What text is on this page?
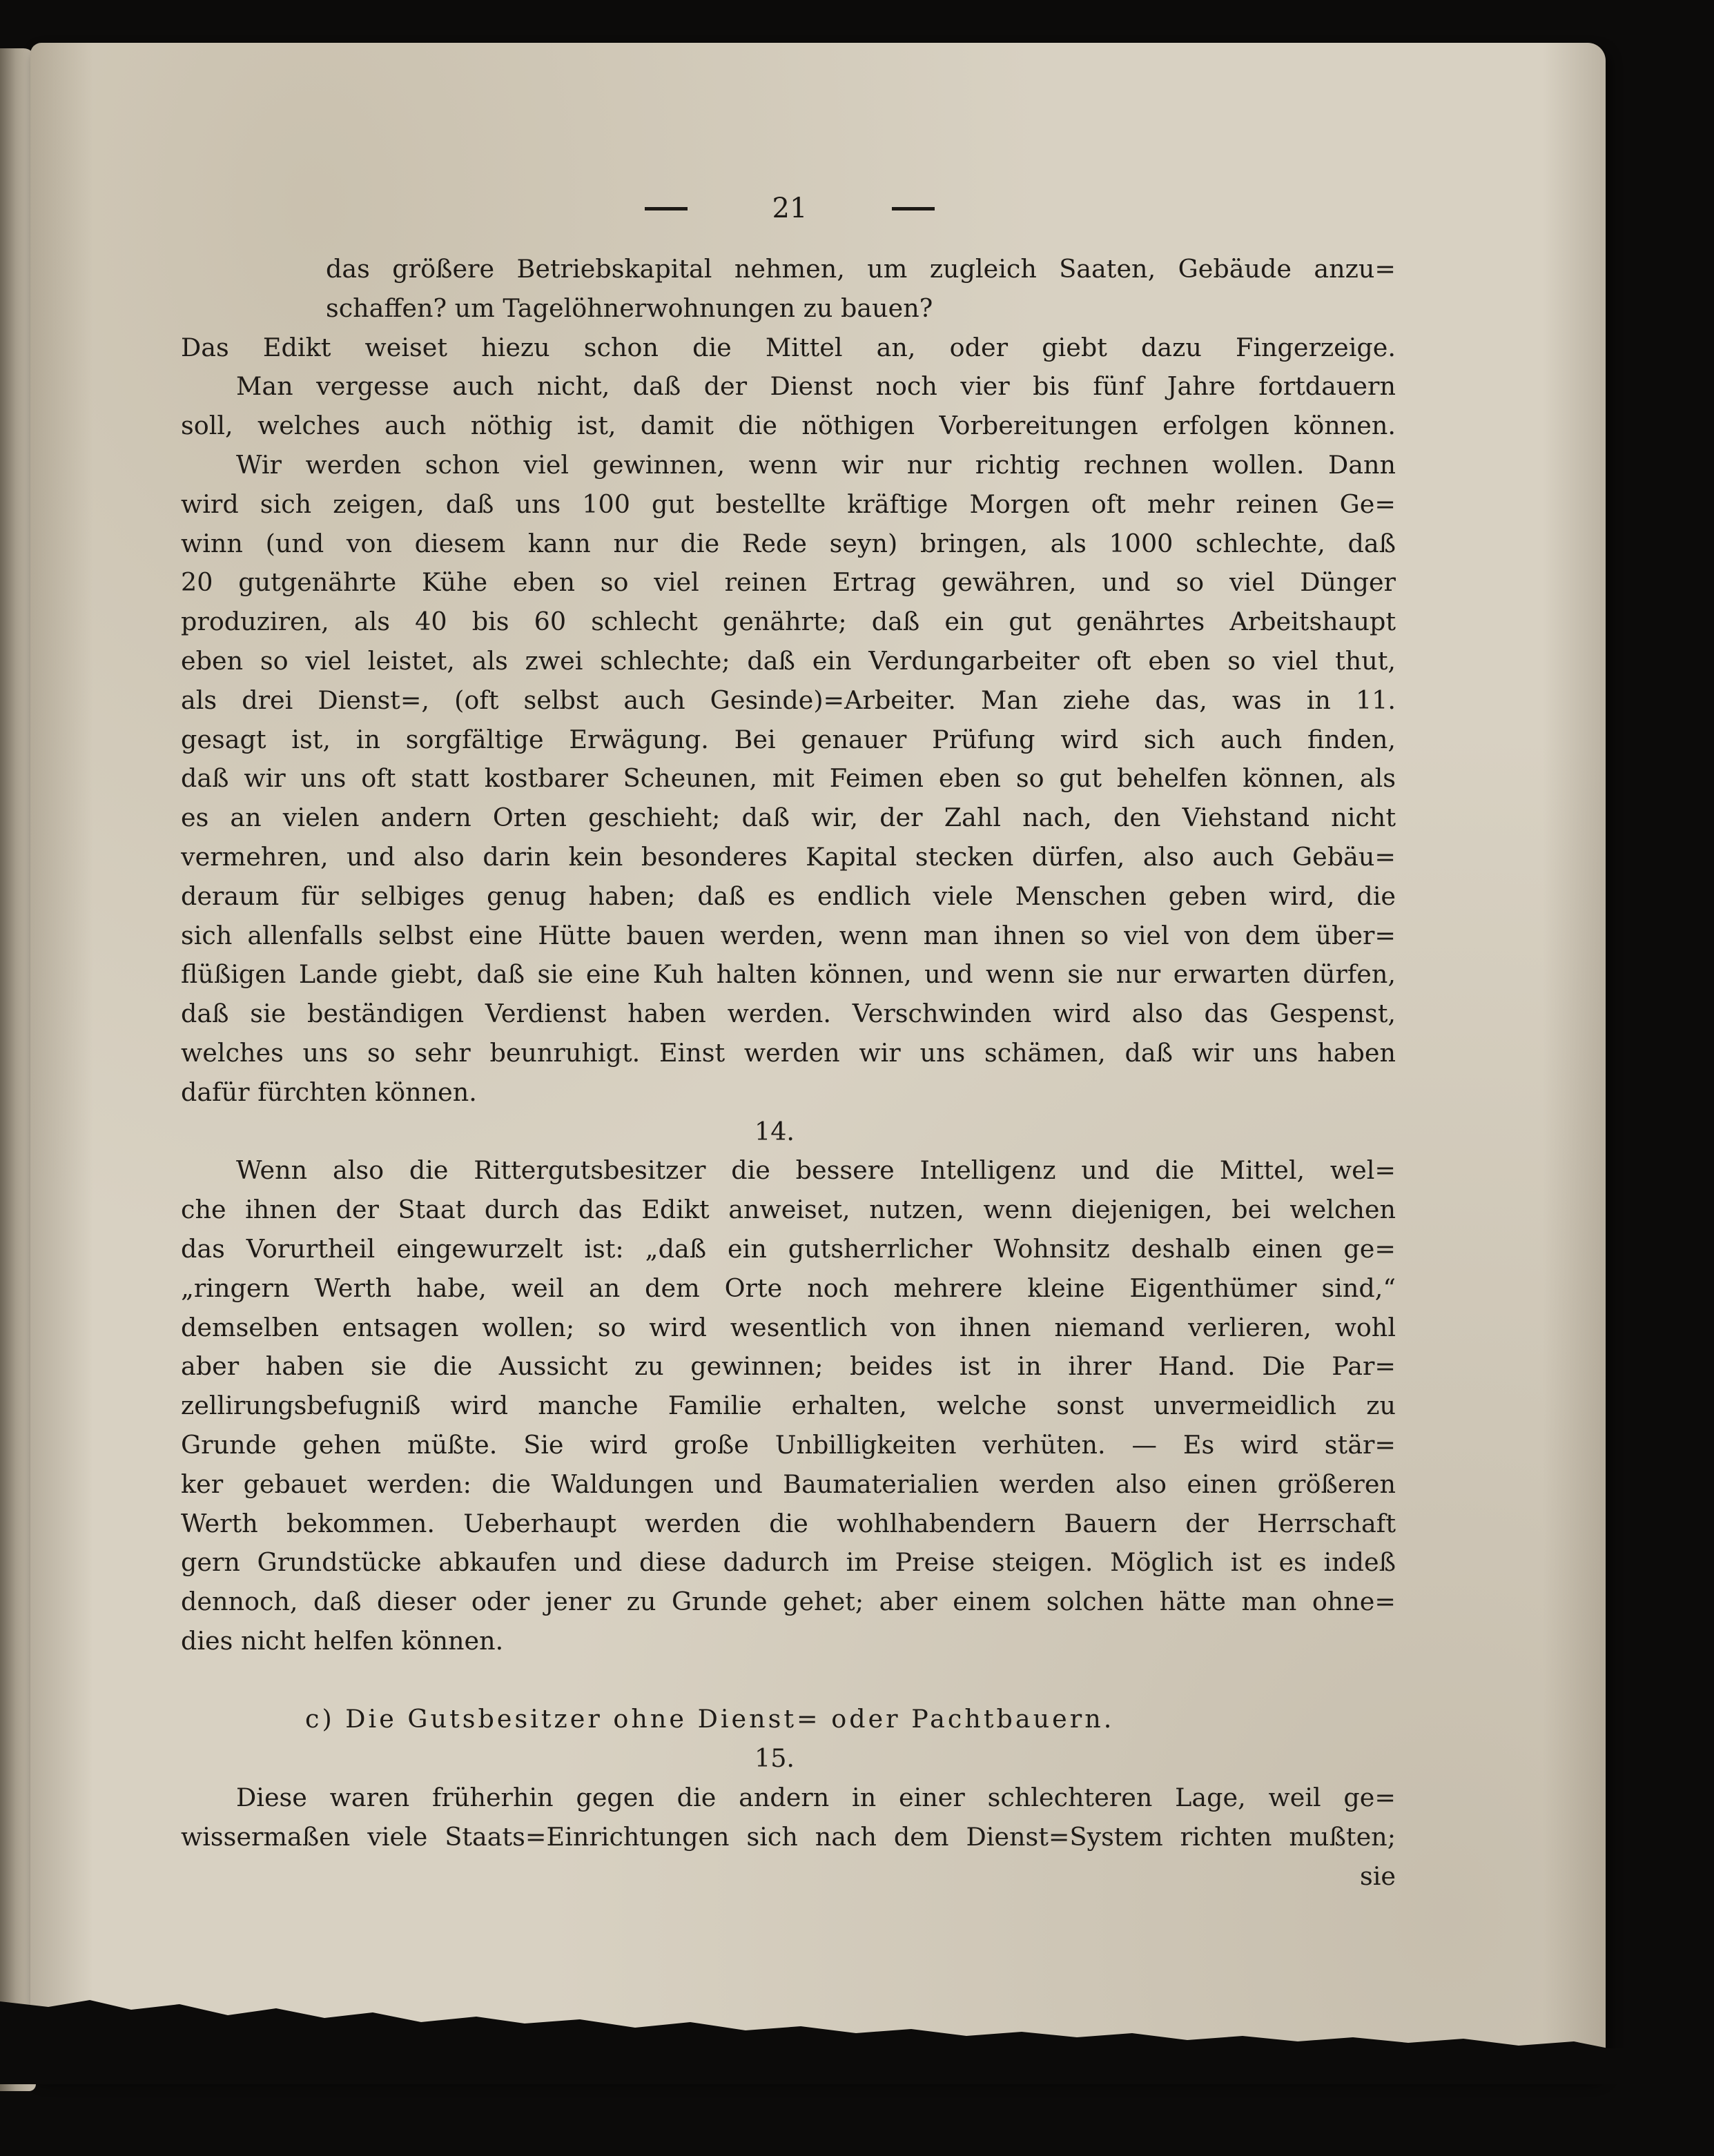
21
das größere Betriebskapital nehmen, um zugleich Saaten, Gebäude anzu=
schaffen? um Tagelöhnerwohnungen zu bauen?
Das Edikt weiset hiezu schon die Mittel an, oder giebt dazu Fingerzeige.
Man vergesse auch nicht, daß der Dienst noch vier bis fünf Jahre fortdauern
soll, welches auch nöthig ist, damit die nöthigen Vorbereitungen erfolgen können.
Wir werden schon viel gewinnen, wenn wir nur richtig rechnen wollen. Dann
wird sich zeigen, daß uns 100 gut bestellte kräftige Morgen oft mehr reinen Ge=
winn (und von diesem kann nur die Rede seyn) bringen, als 1000 schlechte, daß
20 gutgenährte Kühe eben so viel reinen Ertrag gewähren, und so viel Dünger
produziren, als 40 bis 60 schlecht genährte; daß ein gut genährtes Arbeitshaupt
eben so viel leistet, als zwei schlechte; daß ein Verdungarbeiter oft eben so viel thut,
als drei Dienst=, (oft selbst auch Gesinde)=Arbeiter. Man ziehe das, was in 11.
gesagt ist, in sorgfältige Erwägung. Bei genauer Prüfung wird sich auch finden,
daß wir uns oft statt kostbarer Scheunen, mit Feimen eben so gut behelfen können, als
es an vielen andern Orten geschieht; daß wir, der Zahl nach, den Viehstand nicht
vermehren, und also darin kein besonderes Kapital stecken dürfen, also auch Gebäu=
deraum für selbiges genug haben; daß es endlich viele Menschen geben wird, die
sich allenfalls selbst eine Hütte bauen werden, wenn man ihnen so viel von dem über=
flüßigen Lande giebt, daß sie eine Kuh halten können, und wenn sie nur erwarten dürfen,
daß sie beständigen Verdienst haben werden. Verschwinden wird also das Gespenst,
welches uns so sehr beunruhigt. Einst werden wir uns schämen, daß wir uns haben
dafür fürchten können.
14.
Wenn also die Rittergutsbesitzer die bessere Intelligenz und die Mittel, wel=
che ihnen der Staat durch das Edikt anweiset, nutzen, wenn diejenigen, bei welchen
das Vorurtheil eingewurzelt ist: „daß ein gutsherrlicher Wohnsitz deshalb einen ge=
„ringern Werth habe, weil an dem Orte noch mehrere kleine Eigenthümer sind,“
demselben entsagen wollen; so wird wesentlich von ihnen niemand verlieren, wohl
aber haben sie die Aussicht zu gewinnen; beides ist in ihrer Hand. Die Par=
zellirungsbefugniß wird manche Familie erhalten, welche sonst unvermeidlich zu
Grunde gehen müßte. Sie wird große Unbilligkeiten verhüten. — Es wird stär=
ker gebauet werden: die Waldungen und Baumaterialien werden also einen größeren
Werth bekommen. Ueberhaupt werden die wohlhabendern Bauern der Herrschaft
gern Grundstücke abkaufen und diese dadurch im Preise steigen. Möglich ist es indeß
dennoch, daß dieser oder jener zu Grunde gehet; aber einem solchen hätte man ohne=
dies nicht helfen können.
c) Die Gutsbesitzer ohne Dienst= oder Pachtbauern.
15.
Diese waren früherhin gegen die andern in einer schlechteren Lage, weil ge=
wissermaßen viele Staats=Einrichtungen sich nach dem Dienst=System richten mußten;
sie
